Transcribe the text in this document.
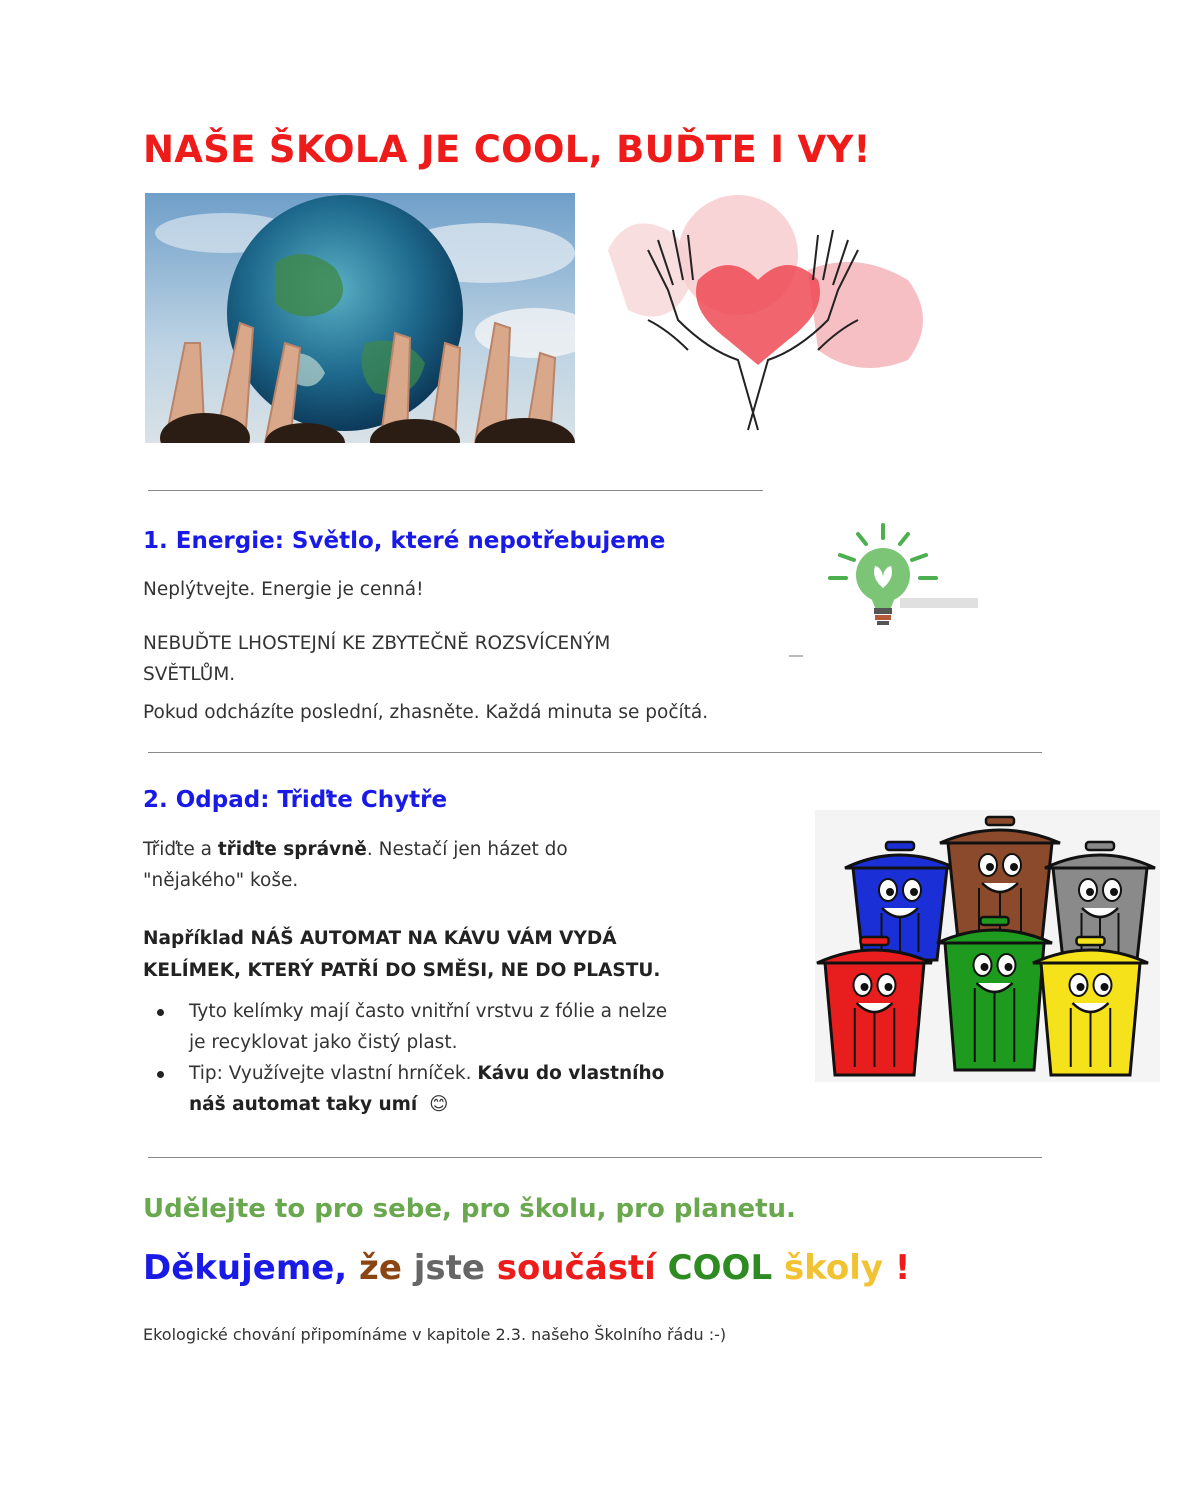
NAŠE ŠKOLA JE COOL, BUĎTE I VY!
1. Energie: Světlo, které nepotřebujeme
Neplýtvejte. Energie je cenná!
NEBUĎTE LHOSTEJNÍ KE ZBYTEČNĚ ROZSVÍCENÝM
SVĚTLŮM.
Pokud odcházíte poslední, zhasněte. Každá minuta se počítá.
2. Odpad: Třiďte Chytře
Třiďte a třiďte správně. Nestačí jen házet do
"nějakého" koše.
Například NÁŠ AUTOMAT NA KÁVU VÁM VYDÁ
KELÍMEK, KTERÝ PATŘÍ DO SMĚSI, NE DO PLASTU.
Tyto kelímky mají často vnitřní vrstvu z fólie a nelze
je recyklovat jako čistý plast.
Tip: Využívejte vlastní hrníček. Kávu do vlastního
náš automat taky umí 😊
Udělejte to pro sebe, pro školu, pro planetu.
Děkujeme, že jste součástí COOL školy !
Ekologické chování připomínáme v kapitole 2.3. našeho Školního řádu :-)
